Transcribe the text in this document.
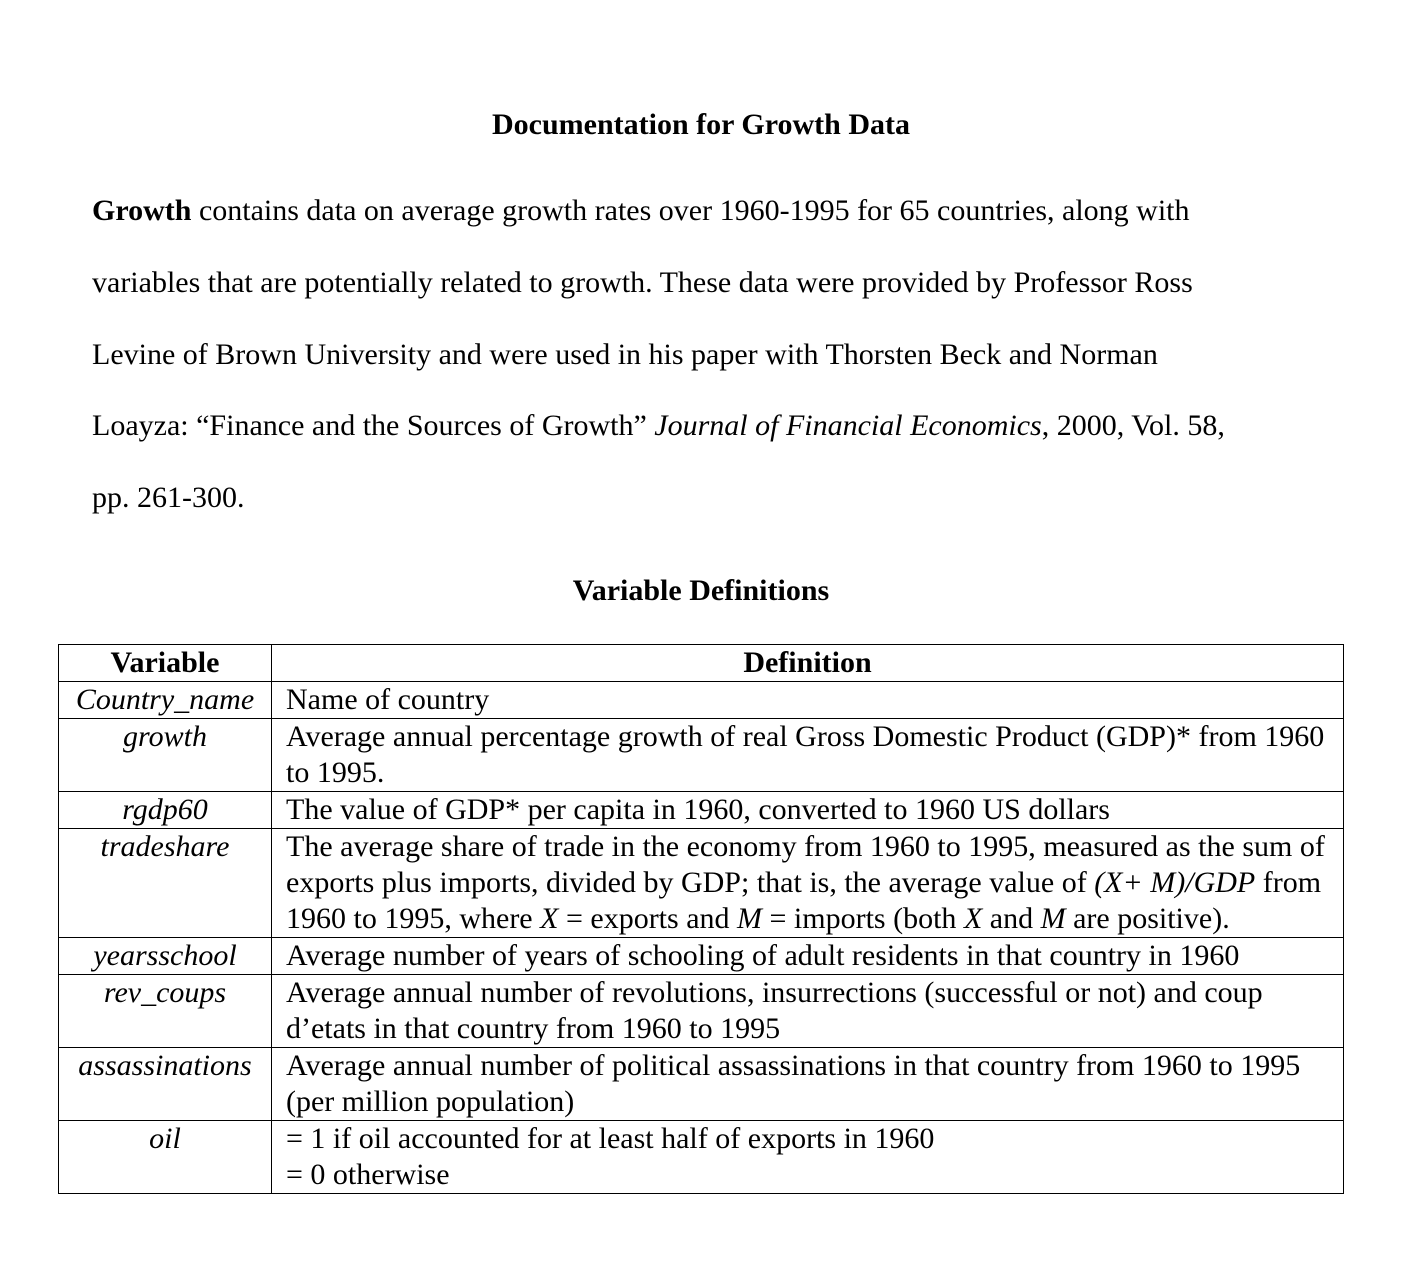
Documentation for Growth Data

Growth contains data on average growth rates over 1960-1995 for 65 countries, along with
variables that are potentially related to growth. These data were provided by Professor Ross
Levine of Brown University and were used in his paper with Thorsten Beck and Norman
Loayza: “Finance and the Sources of Growth” Journal of Financial Economics, 2000, Vol. 58,
pp. 261-300.

Variable Definitions
Variable	Definition
Country_name	Name of country
growth	Average annual percentage growth of real Gross Domestic Product (GDP)* from 1960 to 1995.
rgdp60	The value of GDP* per capita in 1960, converted to 1960 US dollars
tradeshare	The average share of trade in the economy from 1960 to 1995, measured as the sum of exports plus imports, divided by GDP; that is, the average value of (X+ M)/GDP from 1960 to 1995, where X = exports and M = imports (both X and M are positive).
yearsschool	Average number of years of schooling of adult residents in that country in 1960
rev_coups	Average annual number of revolutions, insurrections (successful or not) and coup d’etats in that country from 1960 to 1995
assassinations	Average annual number of political assassinations in that country from 1960 to 1995 (per million population)
oil	= 1 if oil accounted for at least half of exports in 1960
= 0 otherwise
